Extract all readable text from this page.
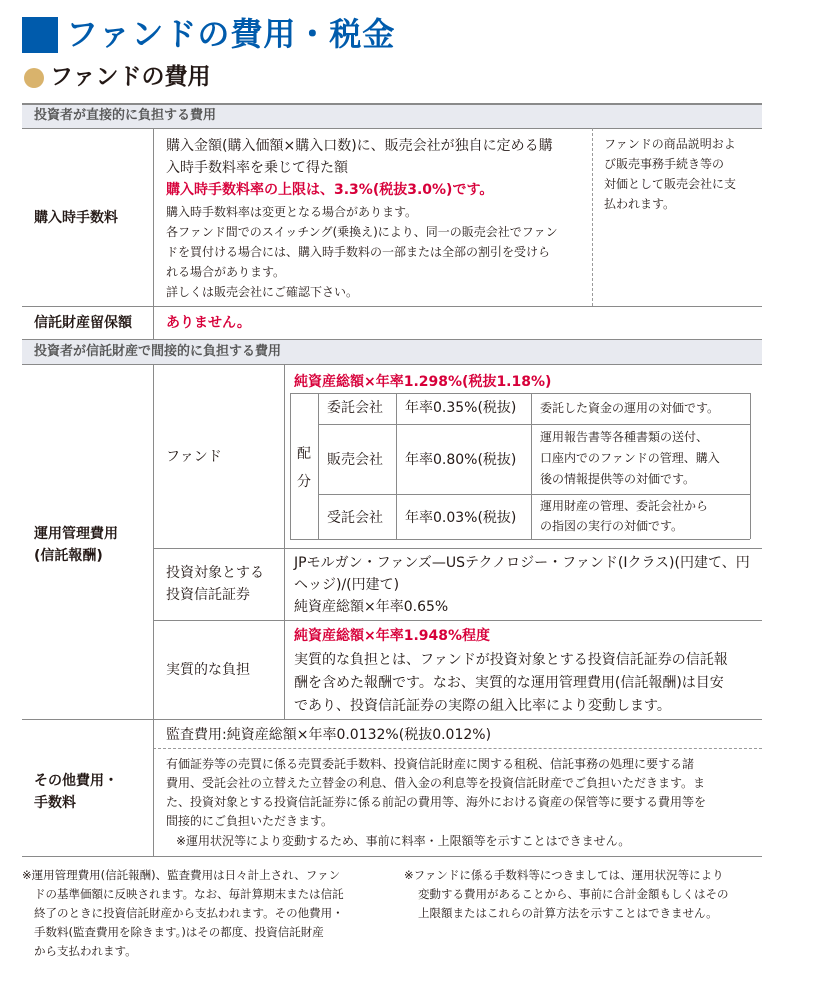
ファンドの費用・税金
ファンドの費用
投資者が直接的に負担する費用
投資者が信託財産で間接的に負担する費用
購入時手数料
購入金額(購入価額×購入口数)に、販売会社が独自に定める購
入時手数料率を乗じて得た額
購入時手数料率の上限は、3.3%(税抜3.0%)です。
購入時手数料率は変更となる場合があります。
各ファンド間でのスイッチング(乗換え)により、同一の販売会社でファン
ドを買付ける場合には、購入時手数料の一部または全部の割引を受けら
れる場合があります。
詳しくは販売会社にご確認下さい。
ファンドの商品説明およ
び販売事務手続き等の
対価として販売会社に支
払われます。
信託財産留保額 ありません。
運用管理費用
(信託報酬)
ファンド
純資産総額×年率1.298%(税抜1.18%)
配
分
委託会社 年率0.35%(税抜) 委託した資金の運用の対価です。
販売会社 年率0.80%(税抜)
運用報告書等各種書類の送付、
口座内でのファンドの管理、購入
後の情報提供等の対価です。
受託会社 年率0.03%(税抜)
運用財産の管理、委託会社から
の指図の実行の対価です。
投資対象とする
投資信託証券
JPモルガン・ファンズ—USテクノロジー・ファンド(Iクラス)(円建て、円
ヘッジ)/(円建て)
純資産総額×年率0.65%
実質的な負担
純資産総額×年率1.948%程度
実質的な負担とは、ファンドが投資対象とする投資信託証券の信託報
酬を含めた報酬です。なお、実質的な運用管理費用(信託報酬)は目安
であり、投資信託証券の実際の組入比率により変動します。
その他費用・
手数料
監査費用:純資産総額×年率0.0132%(税抜0.012%)
有価証券等の売買に係る売買委託手数料、投資信託財産に関する租税、信託事務の処理に要する諸
費用、受託会社の立替えた立替金の利息、借入金の利息等を投資信託財産でご負担いただきます。ま
た、投資対象とする投資信託証券に係る前記の費用等、海外における資産の保管等に要する費用等を
間接的にご負担いただきます。
※運用状況等により変動するため、事前に料率・上限額等を示すことはできません。
※運用管理費用(信託報酬)、監査費用は日々計上され、ファン
ドの基準価額に反映されます。なお、毎計算期末または信託
終了のときに投資信託財産から支払われます。その他費用・
手数料(監査費用を除きます。)はその都度、投資信託財産
から支払われます。
※ファンドに係る手数料等につきましては、運用状況等により
変動する費用があることから、事前に合計金額もしくはその
上限額またはこれらの計算方法を示すことはできません。
